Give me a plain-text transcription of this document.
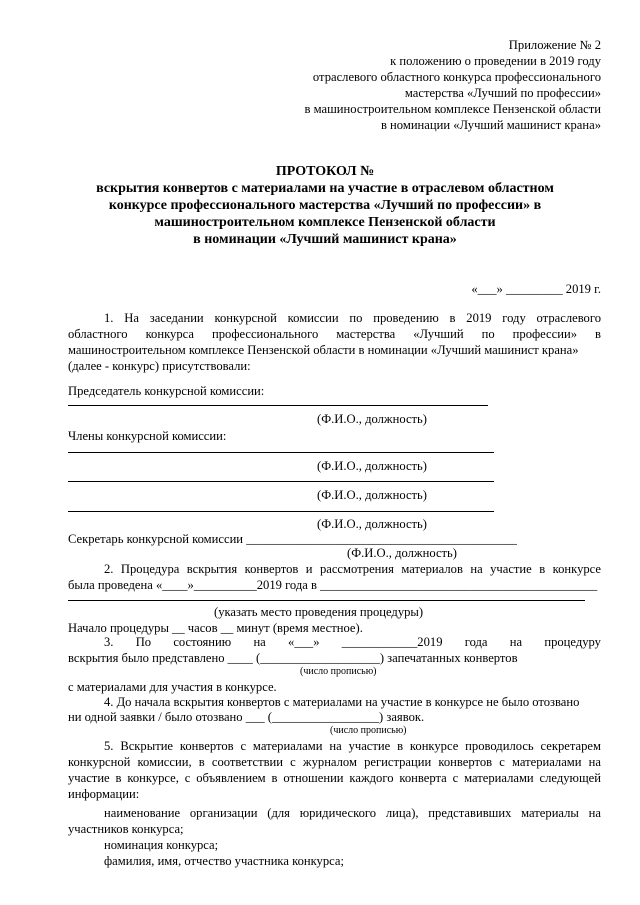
Приложение № 2
к положению о проведении в 2019 году
отраслевого областного конкурса профессионального
мастерства «Лучший по профессии»
в машиностроительном комплексе Пензенской области
в номинации «Лучший машинист крана»
ПРОТОКОЛ №
вскрытия конвертов с материалами на участие в отраслевом областном
конкурсе профессионального мастерства «Лучший по профессии» в
машиностроительном комплексе Пензенской области
в номинации «Лучший машинист крана»
«___» _________ 2019 г.
1. На заседании конкурсной комиссии по проведению в 2019 году отраслевого
областного конкурса профессионального мастерства «Лучший по профессии» в
машиностроительном комплексе Пензенской области в номинации «Лучший машинист крана»
(далее - конкурс) присутствовали:
Председатель конкурсной комиссии:
(Ф.И.О., должность)
Члены конкурсной комиссии:
(Ф.И.О., должность)
(Ф.И.О., должность)
(Ф.И.О., должность)
Секретарь конкурсной комиссии ___________________________________________
(Ф.И.О., должность)
2. Процедура вскрытия конвертов и рассмотрения материалов на участие в конкурсе
была проведена «____»__________2019 года в ____________________________________________
(указать место проведения процедуры)
Начало процедуры __ часов __ минут (время местное).
3. По состоянию на «___» ____________2019 года на процедуру
вскрытия было представлено ____ (___________________) запечатанных конвертов
(число прописью)
с материалами для участия в конкурсе.
4. До начала вскрытия конвертов с материалами на участие в конкурсе не было отозвано
ни одной заявки / было отозвано ___ (_________________) заявок.
(число прописью)
5. Вскрытие конвертов с материалами на участие в конкурсе проводилось секретарем
конкурсной комиссии, в соответствии с журналом регистрации конвертов с материалами на
участие в конкурсе, с объявлением в отношении каждого конверта с материалами следующей
информации:
наименование организации (для юридического лица), представивших материалы на
участников конкурса;
номинация конкурса;
фамилия, имя, отчество участника конкурса;
